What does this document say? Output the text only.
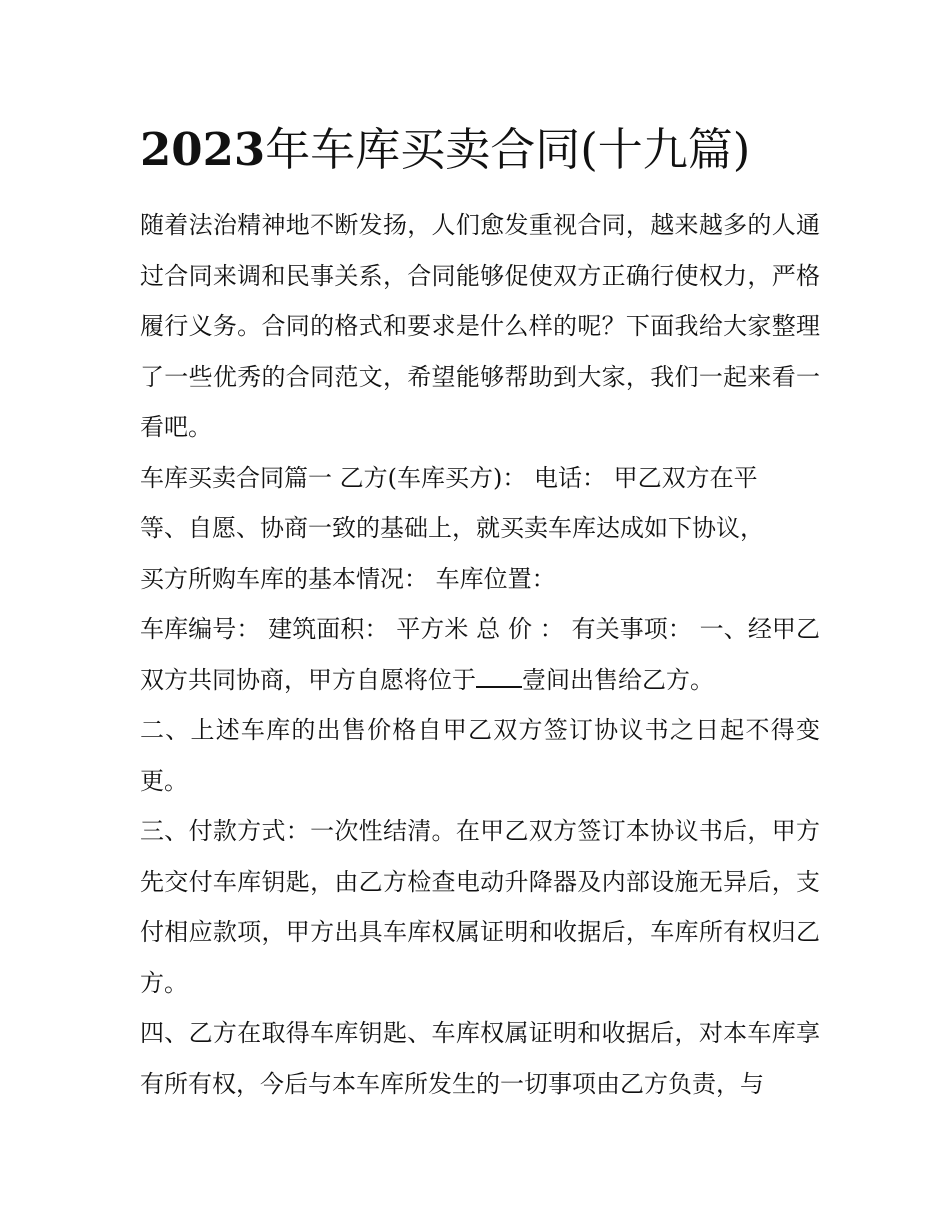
2023年车库买卖合同(十九篇)

随着法治精神地不断发扬，人们愈发重视合同，越来越多的人通过合同来调和民事关系，合同能够促使双方正确行使权力，严格履行义务。合同的格式和要求是什么样的呢？下面我给大家整理了一些优秀的合同范文，希望能够帮助到大家，我们一起来看一看吧。

车库买卖合同篇一 乙方(车库买方)： 电话： 甲乙双方在平

等、自愿、协商一致的基础上，就买卖车库达成如下协议，

买方所购车库的基本情况： 车库位置：

车库编号： 建筑面积： 平方米 总 价 ： 有关事项： 一、经甲乙双方共同协商，甲方自愿将位于 壹间出售给乙方。

二、上述车库的出售价格自甲乙双方签订协议书之日起不得变更。

三、付款方式：一次性结清。在甲乙双方签订本协议书后，甲方先交付车库钥匙，由乙方检查电动升降器及内部设施无异后，支付相应款项，甲方出具车库权属证明和收据后，车库所有权归乙方。

四、乙方在取得车库钥匙、车库权属证明和收据后，对本车库享有所有权，今后与本车库所发生的一切事项由乙方负责，与
